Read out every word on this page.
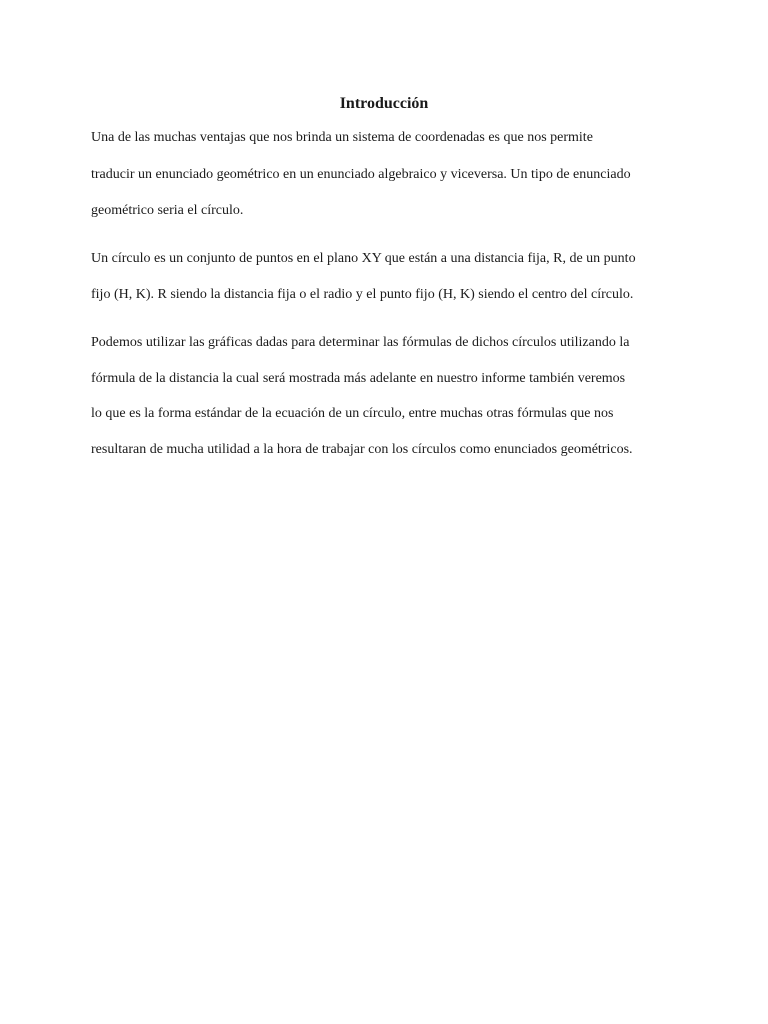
Introducción

Una de las muchas ventajas que nos brinda un sistema de coordenadas es que nos permite

traducir un enunciado geométrico en un enunciado algebraico y viceversa. Un tipo de enunciado

geométrico seria el círculo.

Un círculo es un conjunto de puntos en el plano XY que están a una distancia fija, R, de un punto

fijo (H, K). R siendo la distancia fija o el radio y el punto fijo (H, K) siendo el centro del círculo.

Podemos utilizar las gráficas dadas para determinar las fórmulas de dichos círculos utilizando la

fórmula de la distancia la cual será mostrada más adelante en nuestro informe también veremos

lo que es la forma estándar de la ecuación de un círculo, entre muchas otras fórmulas que nos

resultaran de mucha utilidad a la hora de trabajar con los círculos como enunciados geométricos.
